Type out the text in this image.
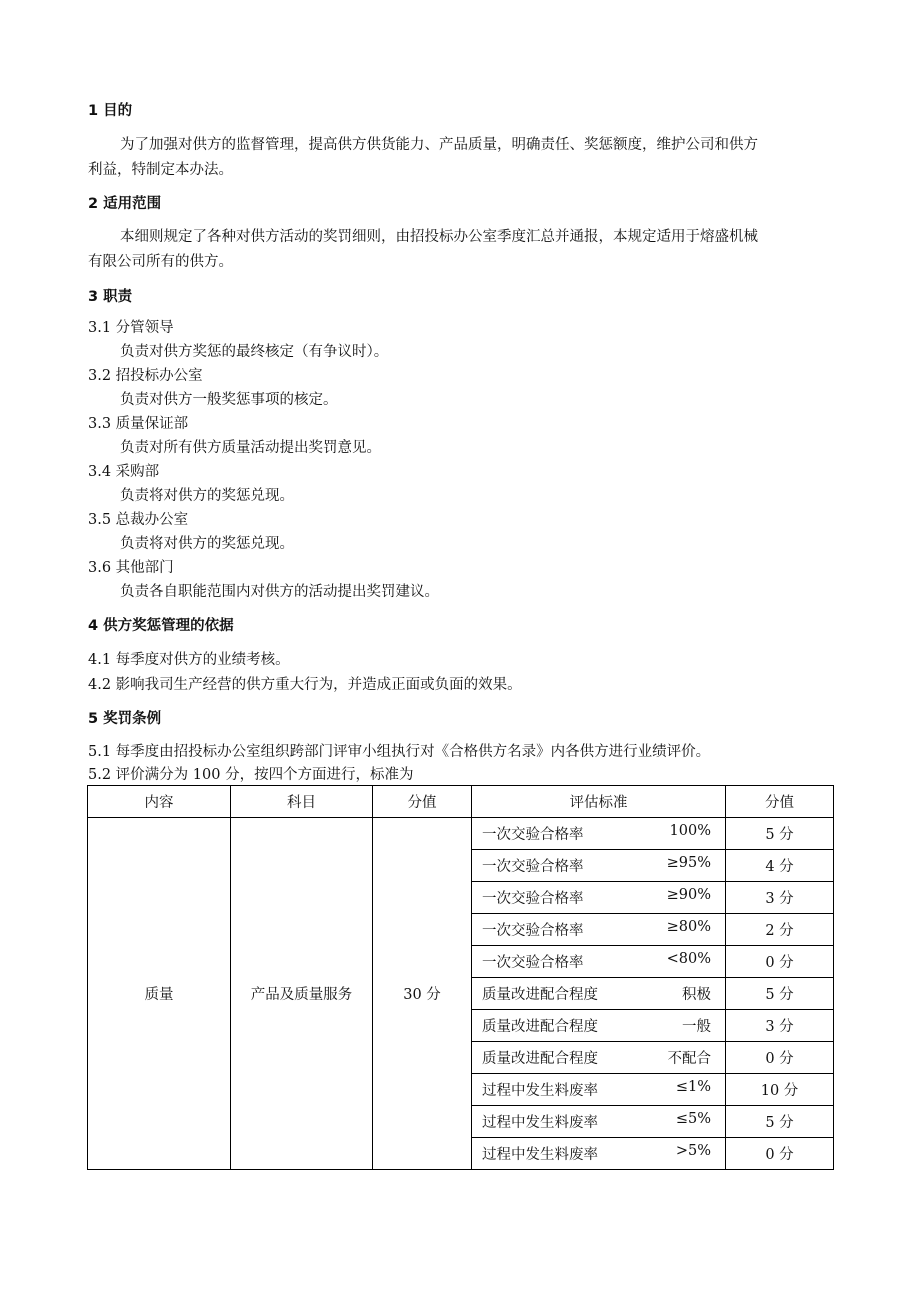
1 目的
为了加强对供方的监督管理，提高供方供货能力、产品质量，明确责任、奖惩额度，维护公司和供方
利益，特制定本办法。
2 适用范围
本细则规定了各种对供方活动的奖罚细则，由招投标办公室季度汇总并通报，本规定适用于熔盛机械
有限公司所有的供方。
3 职责
3.1 分管领导
负责对供方奖惩的最终核定（有争议时）。
3.2 招投标办公室
负责对供方一般奖惩事项的核定。
3.3 质量保证部
负责对所有供方质量活动提出奖罚意见。
3.4 采购部
负责将对供方的奖惩兑现。
3.5 总裁办公室
负责将对供方的奖惩兑现。
3.6 其他部门
负责各自职能范围内对供方的活动提出奖罚建议。
4 供方奖惩管理的依据
4.1 每季度对供方的业绩考核。
4.2 影响我司生产经营的供方重大行为，并造成正面或负面的效果。
5 奖罚条例
5.1 每季度由招投标办公室组织跨部门评审小组执行对《合格供方名录》内各供方进行业绩评价。
5.2 评价满分为 100 分，按四个方面进行，标准为
内容	科目	分值	评估标准	分值
质量	产品及质量服务	30 分	一次交验合格率 100%	5 分

			一次交验合格率 ≥95%	4 分

			一次交验合格率 ≥90%	3 分

			一次交验合格率 ≥80%	2 分

			一次交验合格率 <80%	0 分

			质量改进配合程度 积极	5 分

			质量改进配合程度 一般	3 分

			质量改进配合程度 不配合	0 分

			过程中发生料废率 ≤1%	10 分

			过程中发生料废率 ≤5%	5 分

			过程中发生料废率 >5%	0 分
